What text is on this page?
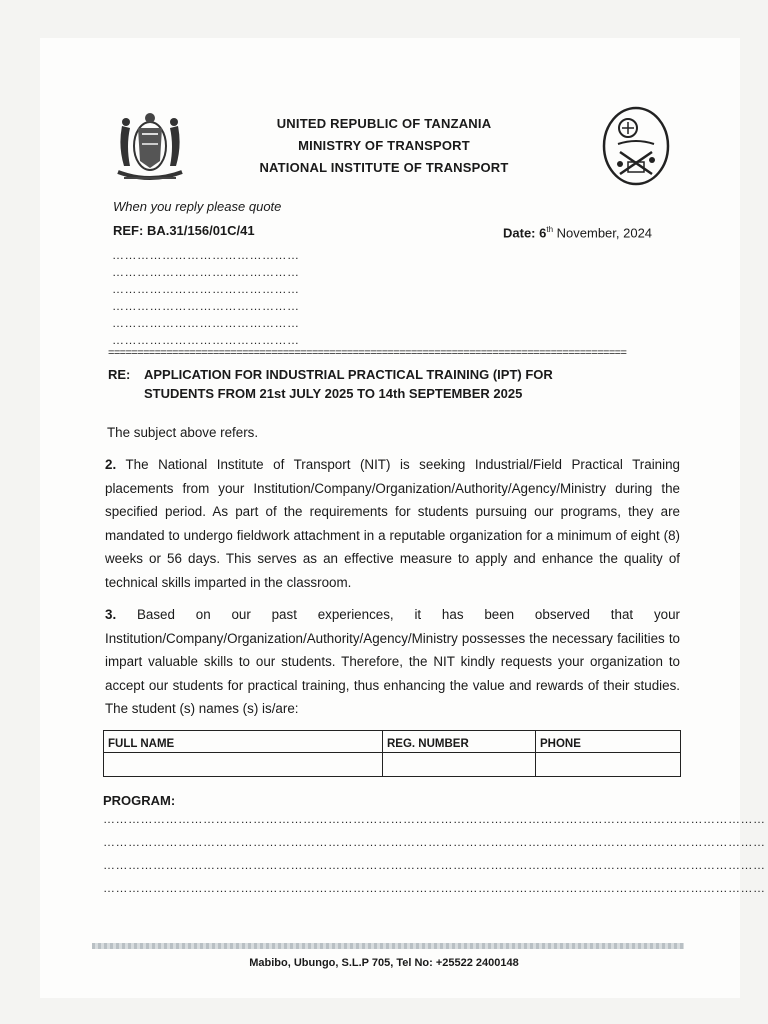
UNITED REPUBLIC OF TANZANIA
MINISTRY OF TRANSPORT
NATIONAL INSTITUTE OF TRANSPORT
When you reply please quote
REF: BA.31/156/01C/41	Date: 6th November, 2024
………………………………………
………………………………………
………………………………………
………………………………………
………………………………………
………………………………………
=========================================================================================
RE: APPLICATION FOR INDUSTRIAL PRACTICAL TRAINING (IPT) FOR
STUDENTS FROM 21st JULY 2025 TO 14th SEPTEMBER 2025
The subject above refers.
2. The National Institute of Transport (NIT) is seeking Industrial/Field Practical Training placements from your Institution/Company/Organization/Authority/Agency/Ministry during the specified period. As part of the requirements for students pursuing our programs, they are mandated to undergo fieldwork attachment in a reputable organization for a minimum of eight (8) weeks or 56 days. This serves as an effective measure to apply and enhance the quality of technical skills imparted in the classroom.
3. Based on our past experiences, it has been observed that your Institution/Company/Organization/Authority/Agency/Ministry possesses the necessary facilities to impart valuable skills to our students. Therefore, the NIT kindly requests your organization to accept our students for practical training, thus enhancing the value and rewards of their studies. The student (s) names (s) is/are:
FULL NAME	REG. NUMBER	PHONE

PROGRAM:
……………………………………………………………………………………………………………………………………………
……………………………………………………………………………………………………………………………………………
……………………………………………………………………………………………………………………………………………
……………………………………………………………………………………………………………………………………………
Mabibo, Ubungo, S.L.P 705, Tel No: +25522 2400148
